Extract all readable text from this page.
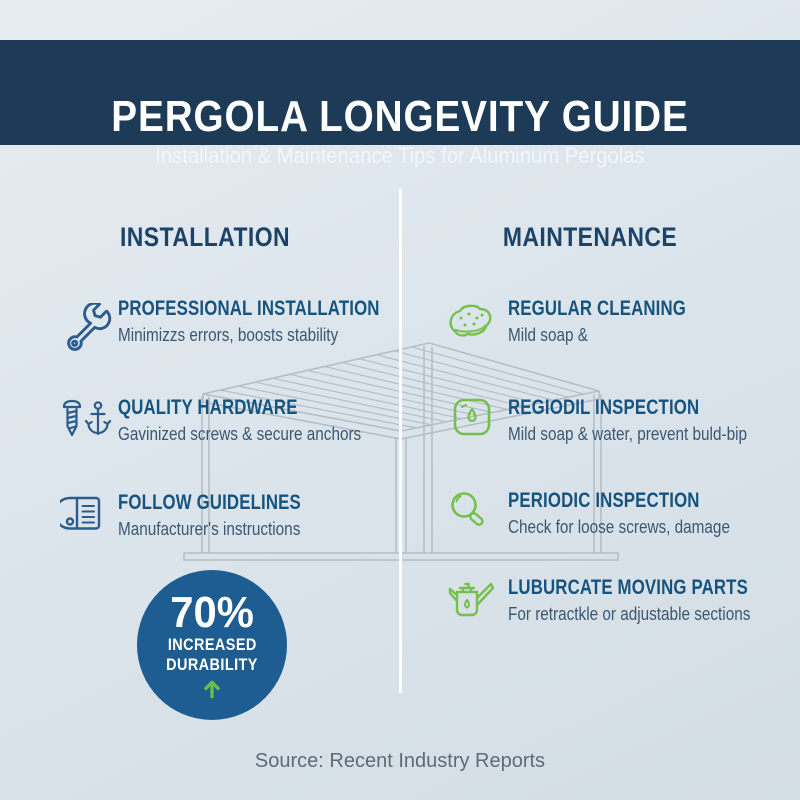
PERGOLA LONGEVITY GUIDE
Installation & Maintenance Tips for Aluminum Pergolas
INSTALLATION	MAINTENANCE
PROFESSIONAL INSTALLATION
Minimizzs errors, boosts stability
QUALITY HARDWARE
Gavinized screws & secure anchors
FOLLOW GUIDELINES
Manufacturer's instructions
70%
INCREASED
DURABILITY
REGULAR CLEANING
Mild soap &
REGIODIL INSPECTION
Mild soap & water, prevent buld-bip
PERIODIC INSPECTION
Check for loose screws, damage
LUBURCATE MOVING PARTS
For retractkle or adjustable sections
Source: Recent Industry Reports
